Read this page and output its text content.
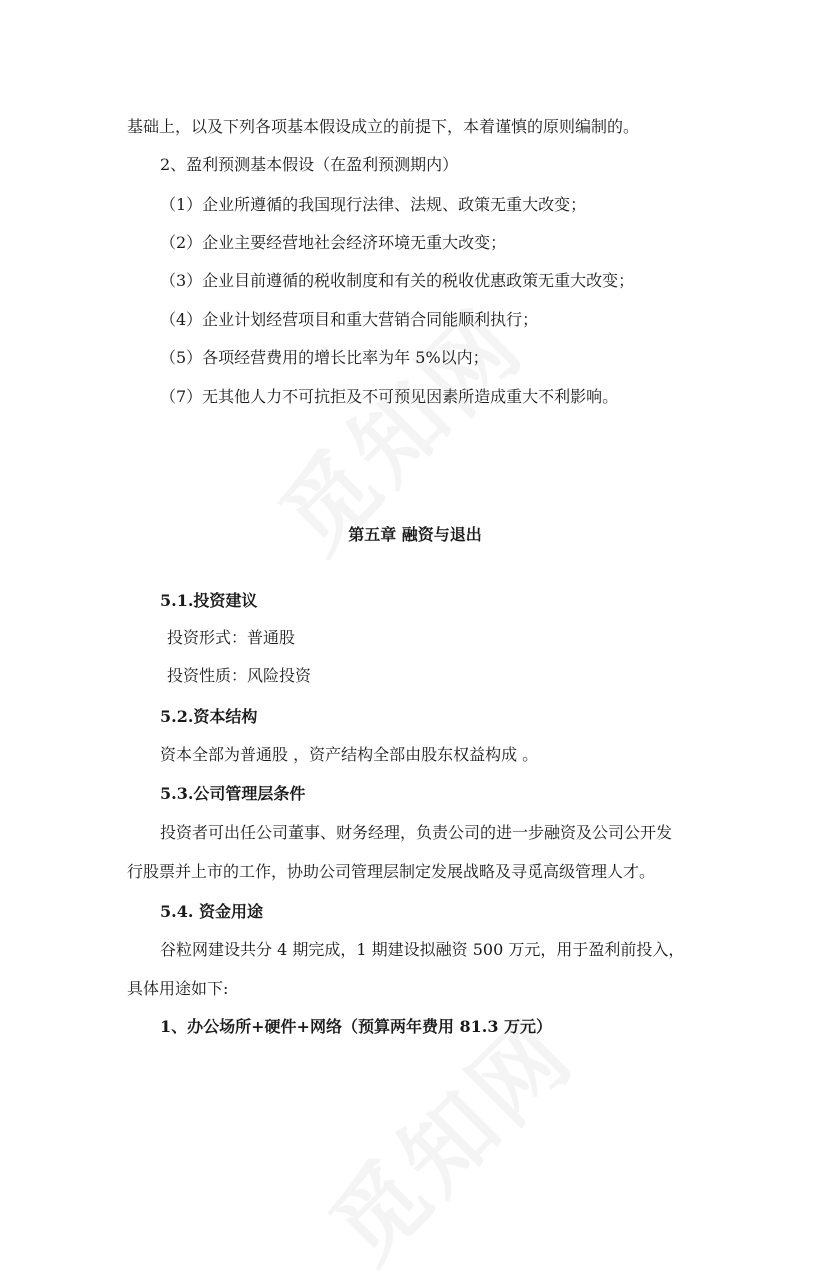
基础上，以及下列各项基本假设成立的前提下，本着谨慎的原则编制的。
2、盈利预测基本假设（在盈利预测期内）
（1）企业所遵循的我国现行法律、法规、政策无重大改变；
（2）企业主要经营地社会经济环境无重大改变；
（3）企业目前遵循的税收制度和有关的税收优惠政策无重大改变；
（4）企业计划经营项目和重大营销合同能顺利执行；
（5）各项经营费用的增长比率为年 5%以内；
（7）无其他人力不可抗拒及不可预见因素所造成重大不利影响。
第五章 融资与退出
5.1.投资建议
投资形式：普通股
投资性质：风险投资
5.2.资本结构
资本全部为普通股 ，资产结构全部由股东权益构成 。
5.3.公司管理层条件
投资者可出任公司董事、财务经理，负责公司的进一步融资及公司公开发
行股票并上市的工作，协助公司管理层制定发展战略及寻觅高级管理人才。
5.4. 资金用途
谷粒网建设共分 4 期完成，1 期建设拟融资 500 万元，用于盈利前投入，
具体用途如下:
1、办公场所+硬件+网络（预算两年费用 81.3 万元）
